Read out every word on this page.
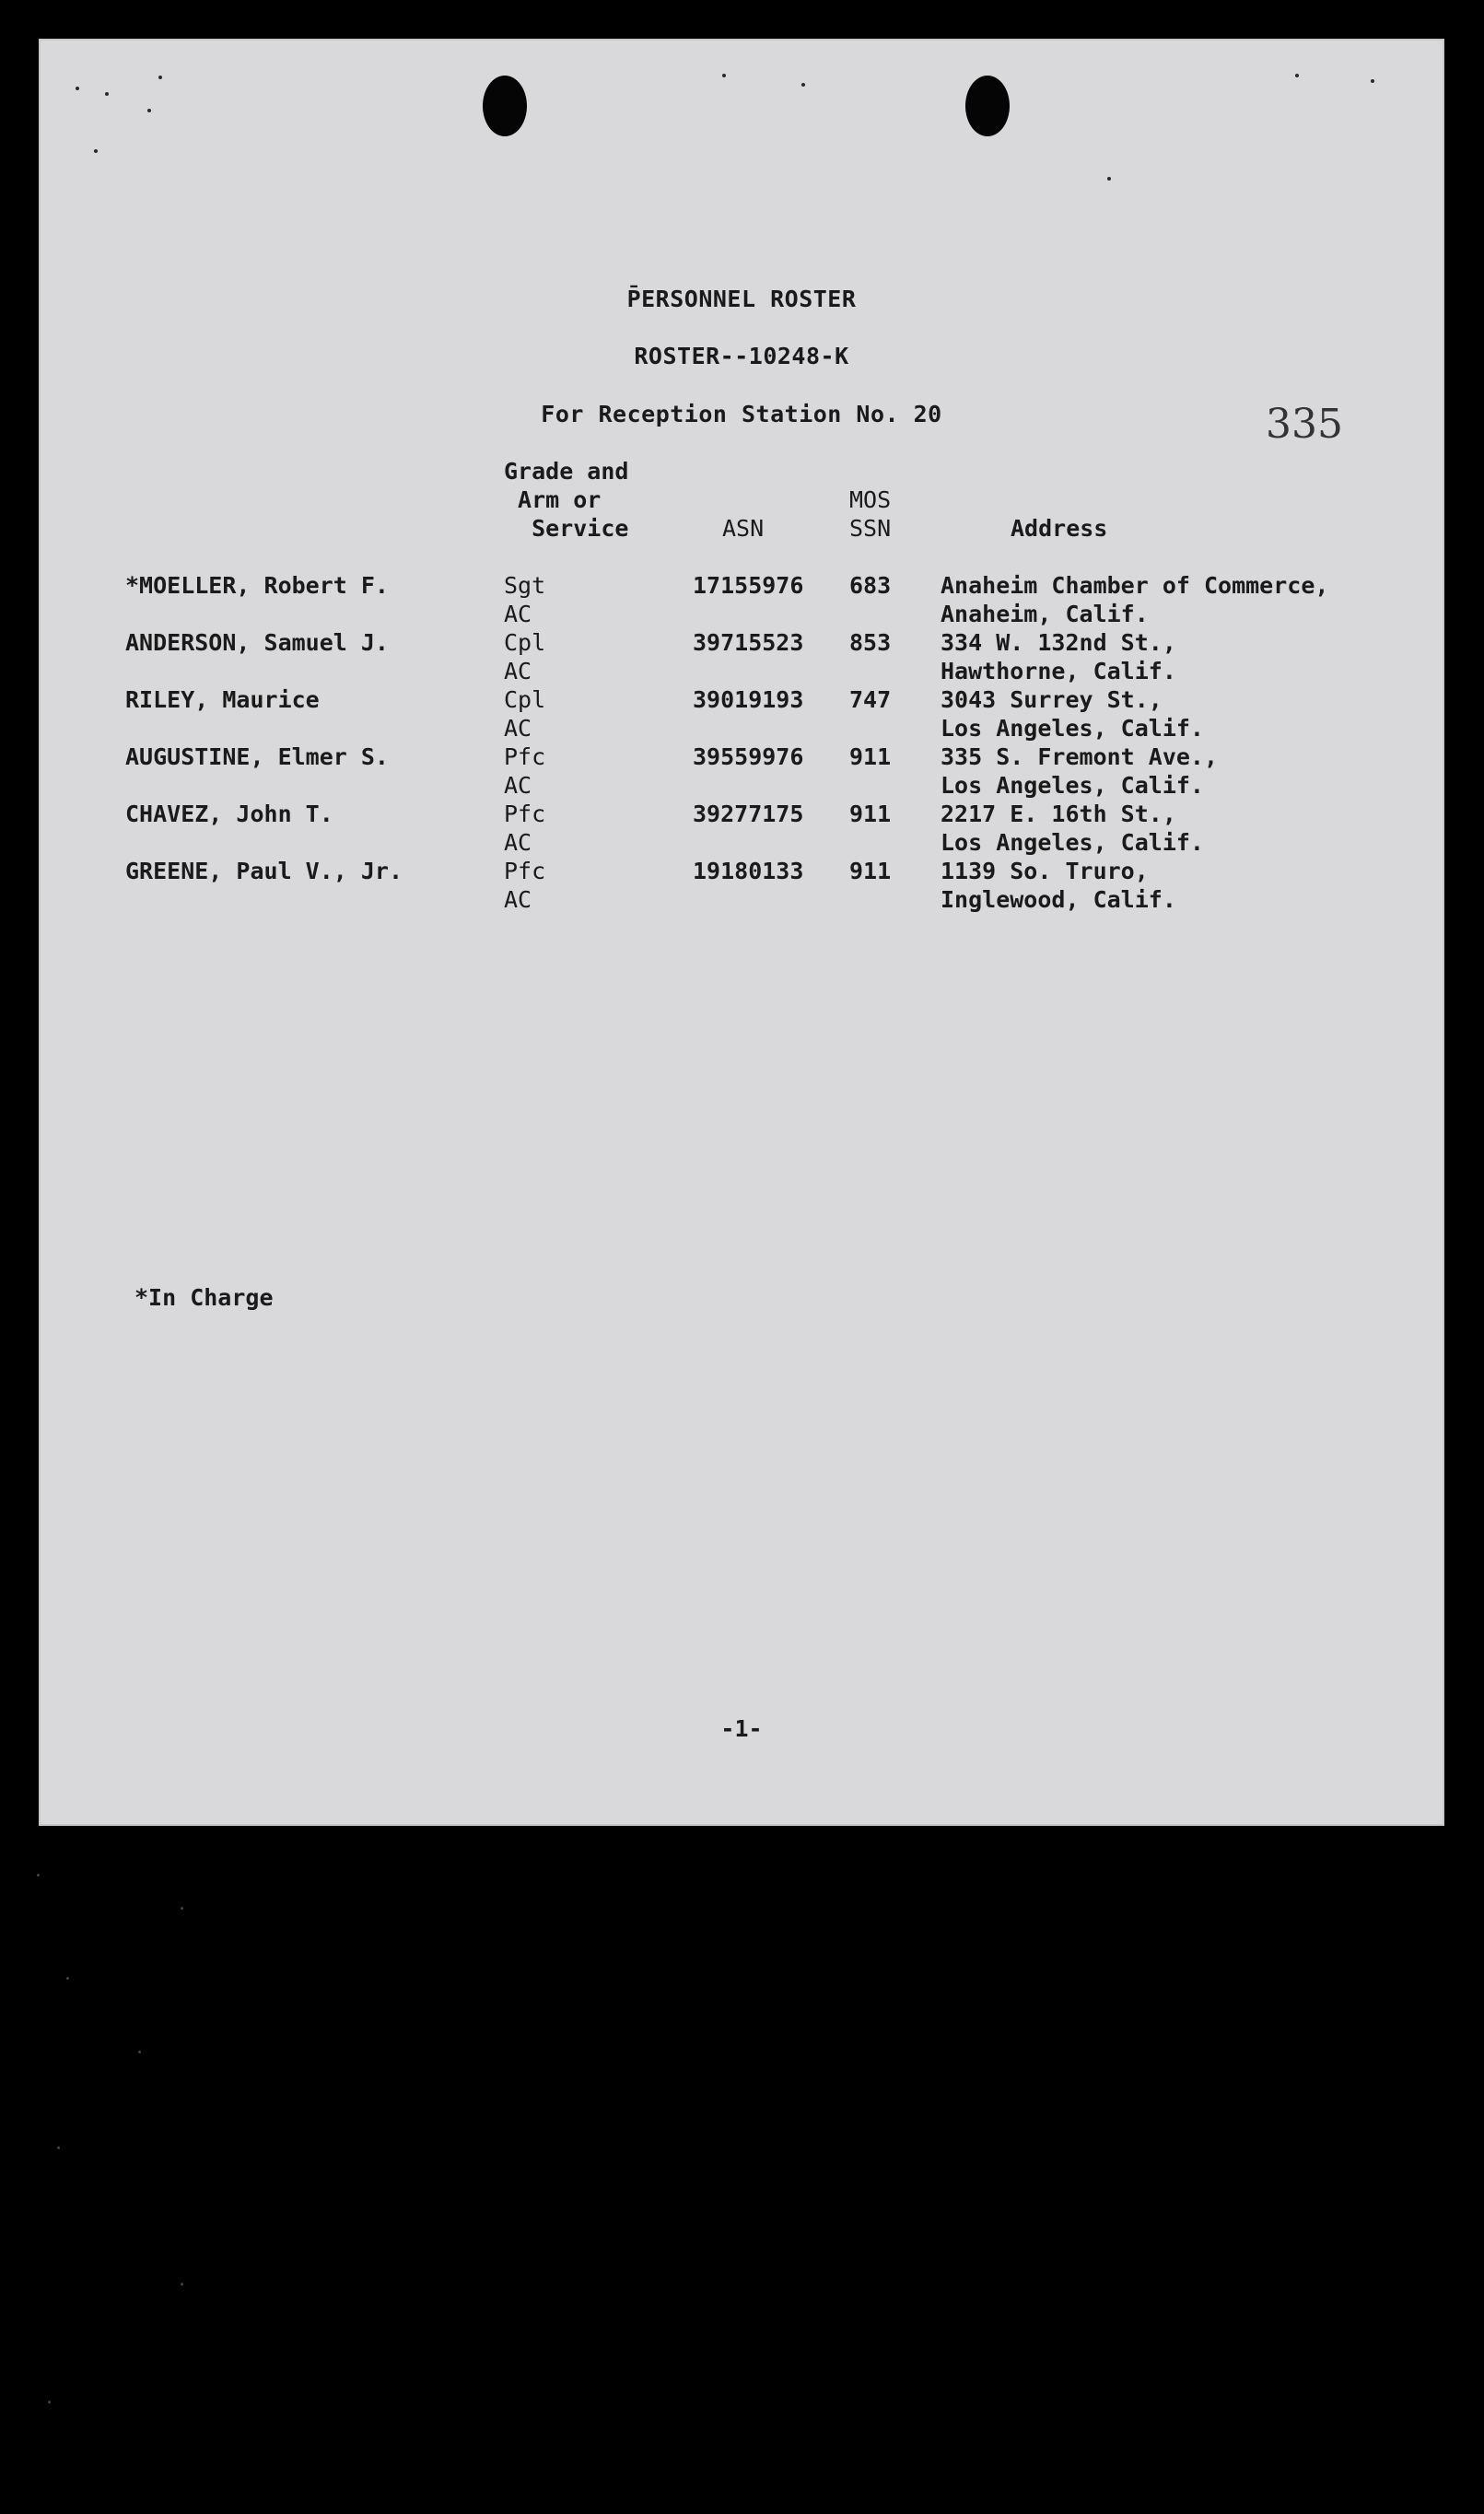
P̄ERSONNEL ROSTER
ROSTER--10248-K
For Reception Station No. 20	335
Grade and
Arm or
Service	ASN
MOS
SSN	Address
*MOELLER, Robert F.	Sgt
AC
17155976 683 Anaheim Chamber of Commerce,
Anaheim, Calif.
ANDERSON, Samuel J.	Cpl
AC
39715523 853 334 W. 132nd St.,
Hawthorne, Calif.
RILEY, Maurice	Cpl
AC
39019193 747 3043 Surrey St.,
Los Angeles, Calif.
AUGUSTINE, Elmer S.	Pfc
AC
39559976 911 335 S. Fremont Ave.,
Los Angeles, Calif.
CHAVEZ, John T.	Pfc
AC
39277175 911 2217 E. 16th St.,
Los Angeles, Calif.
GREENE, Paul V., Jr.	Pfc
AC
19180133 911 1139 So. Truro,
Inglewood, Calif.
*In Charge
-1-
